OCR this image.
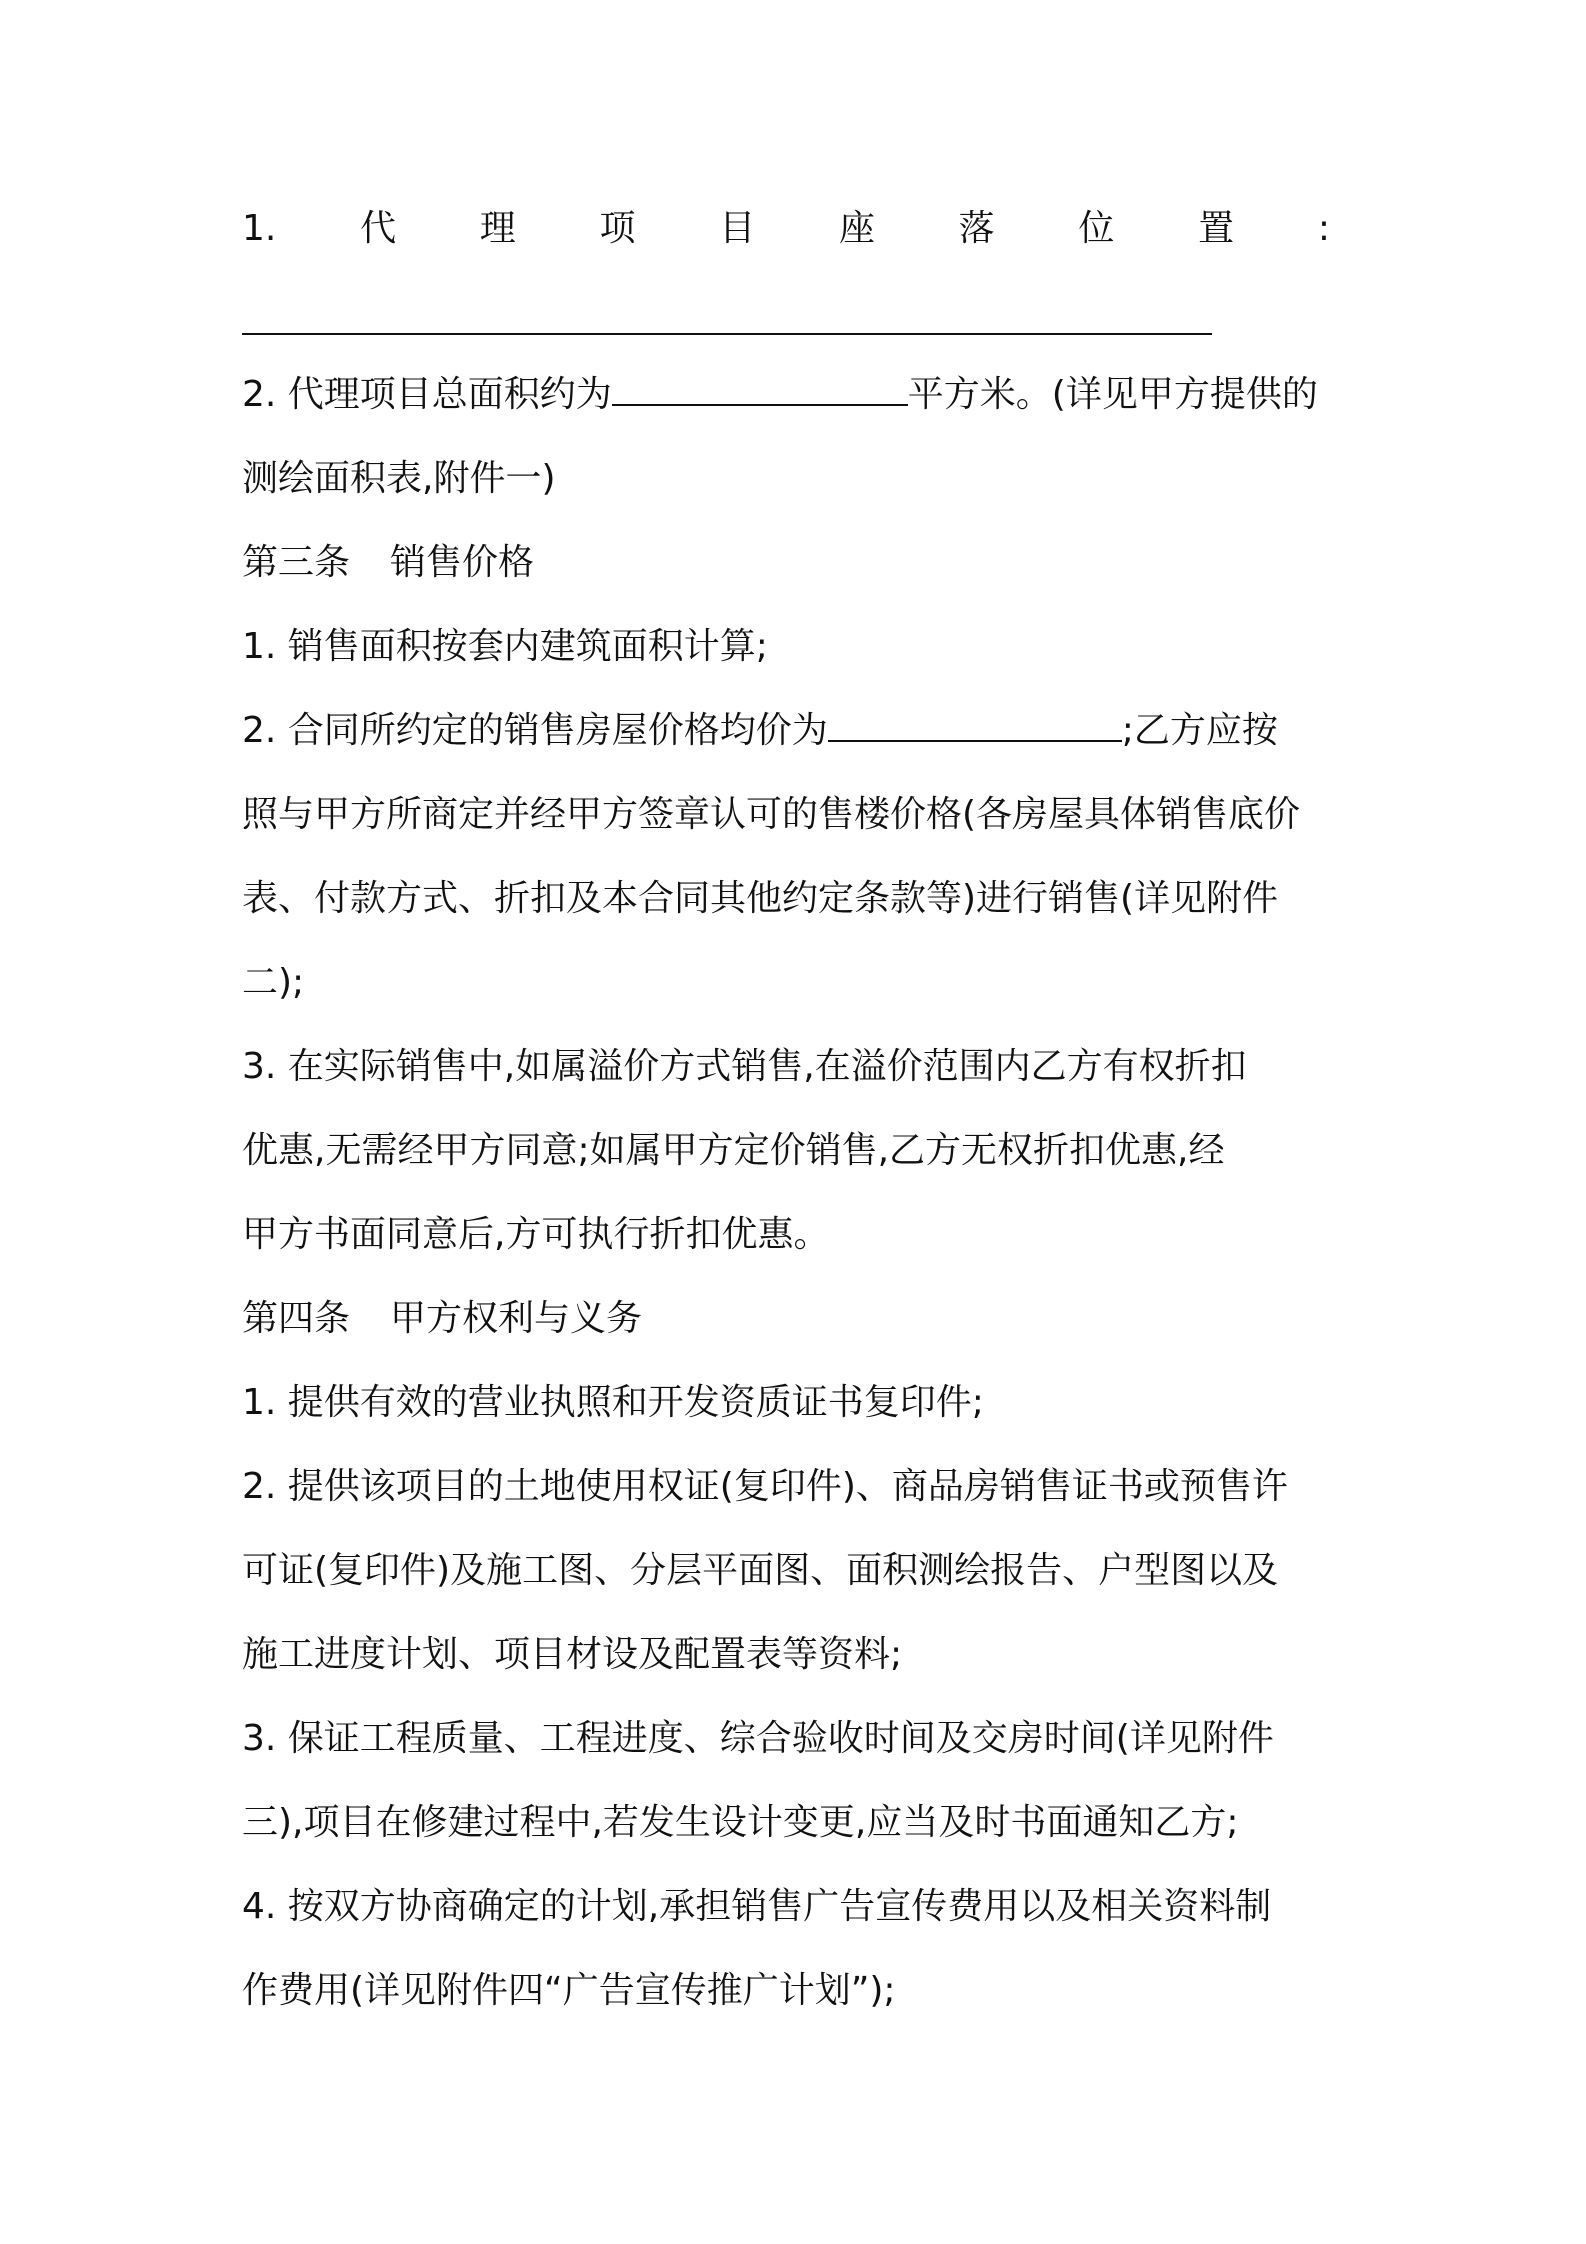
1. 代 理 项 目 座 落 位 置 :
2. 代理项目总面积约为	平方米。(详见甲方提供的
测绘面积表,附件一)
第三条 销售价格
1. 销售面积按套内建筑面积计算;
2. 合同所约定的销售房屋价格均价为	;乙方应按
照与甲方所商定并经甲方签章认可的售楼价格(各房屋具体销售底价
表、付款方式、折扣及本合同其他约定条款等)进行销售(详见附件
二);
3. 在实际销售中,如属溢价方式销售,在溢价范围内乙方有权折扣
优惠,无需经甲方同意;如属甲方定价销售,乙方无权折扣优惠,经
甲方书面同意后,方可执行折扣优惠。
第四条 甲方权利与义务
1. 提供有效的营业执照和开发资质证书复印件;
2. 提供该项目的土地使用权证(复印件)、商品房销售证书或预售许
可证(复印件)及施工图、分层平面图、面积测绘报告、户型图以及
施工进度计划、项目材设及配置表等资料;
3. 保证工程质量、工程进度、综合验收时间及交房时间(详见附件
三),项目在修建过程中,若发生设计变更,应当及时书面通知乙方;
4. 按双方协商确定的计划,承担销售广告宣传费用以及相关资料制
作费用(详见附件四“广告宣传推广计划”);
